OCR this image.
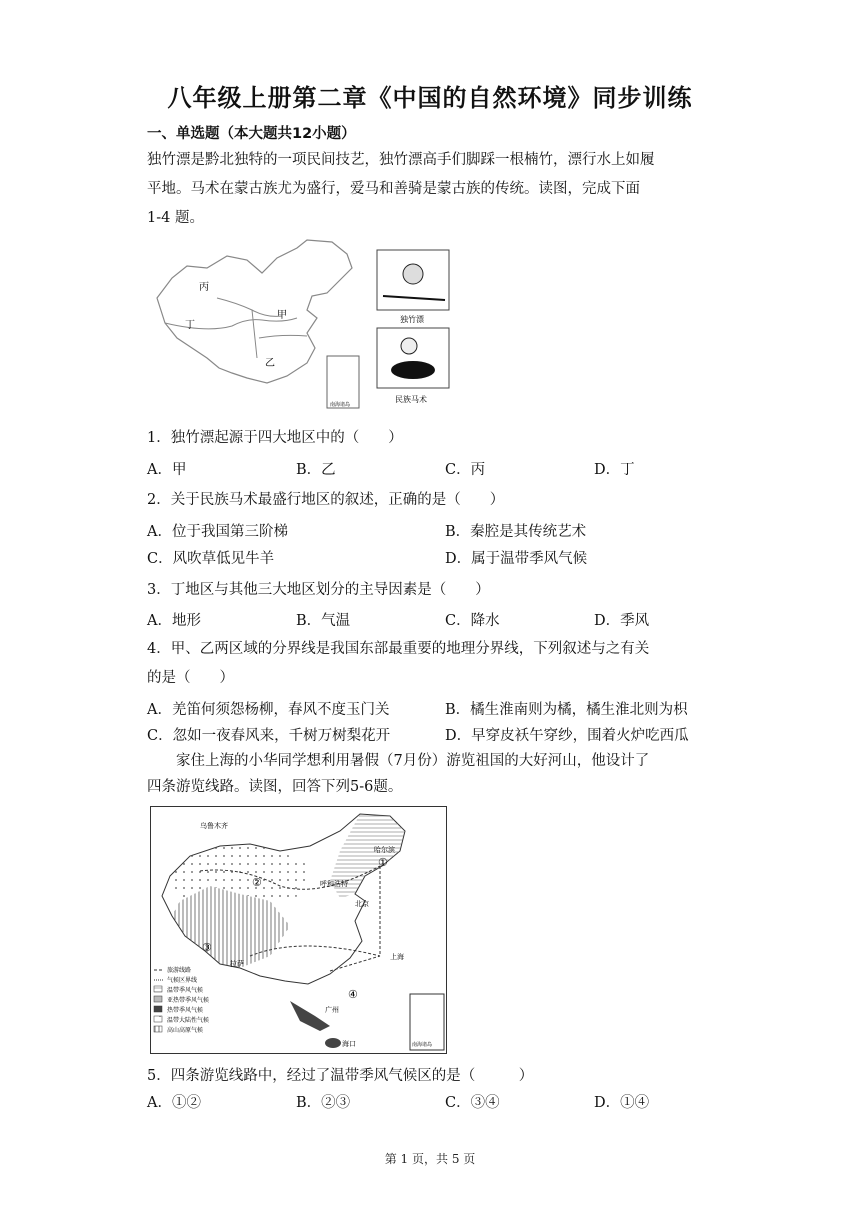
八年级上册第二章《中国的自然环境》同步训练
一、单选题（本大题共12小题）
独竹漂是黔北独特的一项民间技艺，独竹漂高手们脚踩一根楠竹，漂行水上如履
平地。马术在蒙古族尤为盛行，爱马和善骑是蒙古族的传统。读图，完成下面
1-4 题。
丙
丁
甲
乙
南海诸岛
独竹漂
民族马术
1．独竹漂起源于四大地区中的（　　）
A．甲	B．乙	C．丙	D．丁
2．关于民族马术最盛行地区的叙述，正确的是（　　）
A．位于我国第三阶梯	B．秦腔是其传统艺术
C．风吹草低见牛羊	D．属于温带季风气候
3．丁地区与其他三大地区划分的主导因素是（　　）
A．地形	B．气温	C．降水	D．季风
4．甲、乙两区域的分界线是我国东部最重要的地理分界线，下列叙述与之有关
的是（　　）
A．羌笛何须怨杨柳，春风不度玉门关	B．橘生淮南则为橘，橘生淮北则为枳
C．忽如一夜春风来，千树万树梨花开	D．早穿皮袄午穿纱，围着火炉吃西瓜
家住上海的小华同学想利用暑假（7月份）游览祖国的大好河山，他设计了
四条游览线路。读图，回答下列5-6题。
乌鲁木齐
哈尔滨
呼和浩特
北京
上海
拉萨
广州
海口
①
②
③
④
旅游线路
气候区界线
温带季风气候
亚热带季风气候
热带季风气候
温带大陆性气候
高山高原气候
南海诸岛
5．四条游览线路中，经过了温带季风气候区的是（　　　）
A．①②	B．②③	C．③④	D．①④
第 1 页，共 5 页
